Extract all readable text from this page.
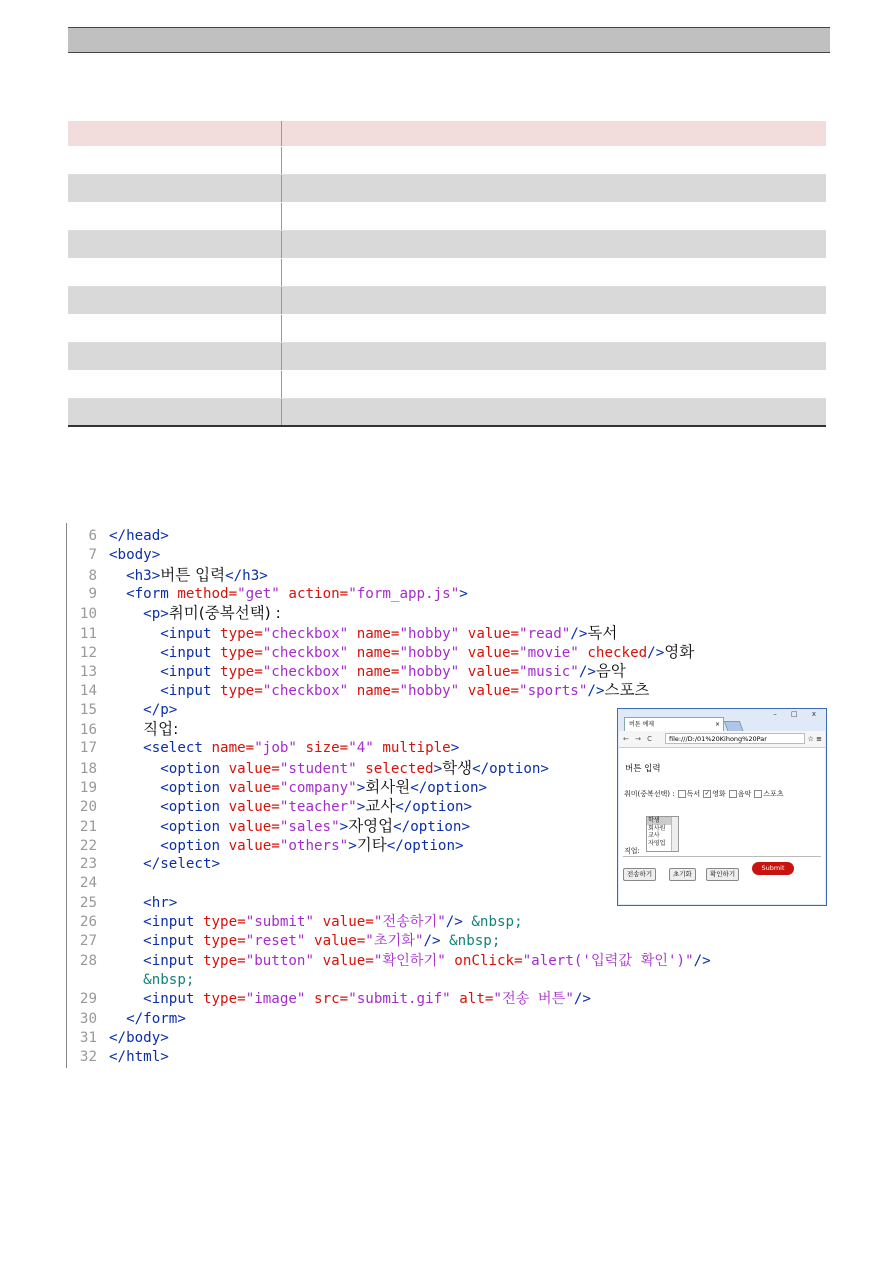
6 </head>
7 <body>
8 <h3>버튼 입력</h3>
9 <form method="get" action="form_app.js">
10	<p>취미(중복선택) :
11	<input type="checkbox" name="hobby" value="read"/>독서
12	<input type="checkbox" name="hobby" value="movie" checked/>영화
13	<input type="checkbox" name="hobby" value="music"/>음악
14	<input type="checkbox" name="hobby" value="sports"/>스포츠
15	</p>
16	직업:
17	<select name="job" size="4" multiple>
18	<option value="student" selected>학생</option>
19	<option value="company">회사원</option>
20	<option value="teacher">교사</option>
21	<option value="sales">자영업</option>
22	<option value="others">기타</option>
23	</select>
24
25	<hr>
26	<input type="submit" value="전송하기"/> &nbsp;
27	<input type="reset" value="초기화"/> &nbsp;
28	<input type="button" value="확인하기" onClick="alert('입력값 확인')"/>
&nbsp;
29	<input type="image" src="submit.gif" alt="전송 버튼"/>
30 </form>
31 </body>
32 </html>
버튼 예제	×
– □ x
← → C	file:///D:/01%20Kihong%20Par	☆ ≡
버튼 입력
취미(중복선택) : 독서 ✓ 영화 음악 스포츠
학생
회사원
교사
자영업
직업:
전송하기	초기화	확인하기
Submit
